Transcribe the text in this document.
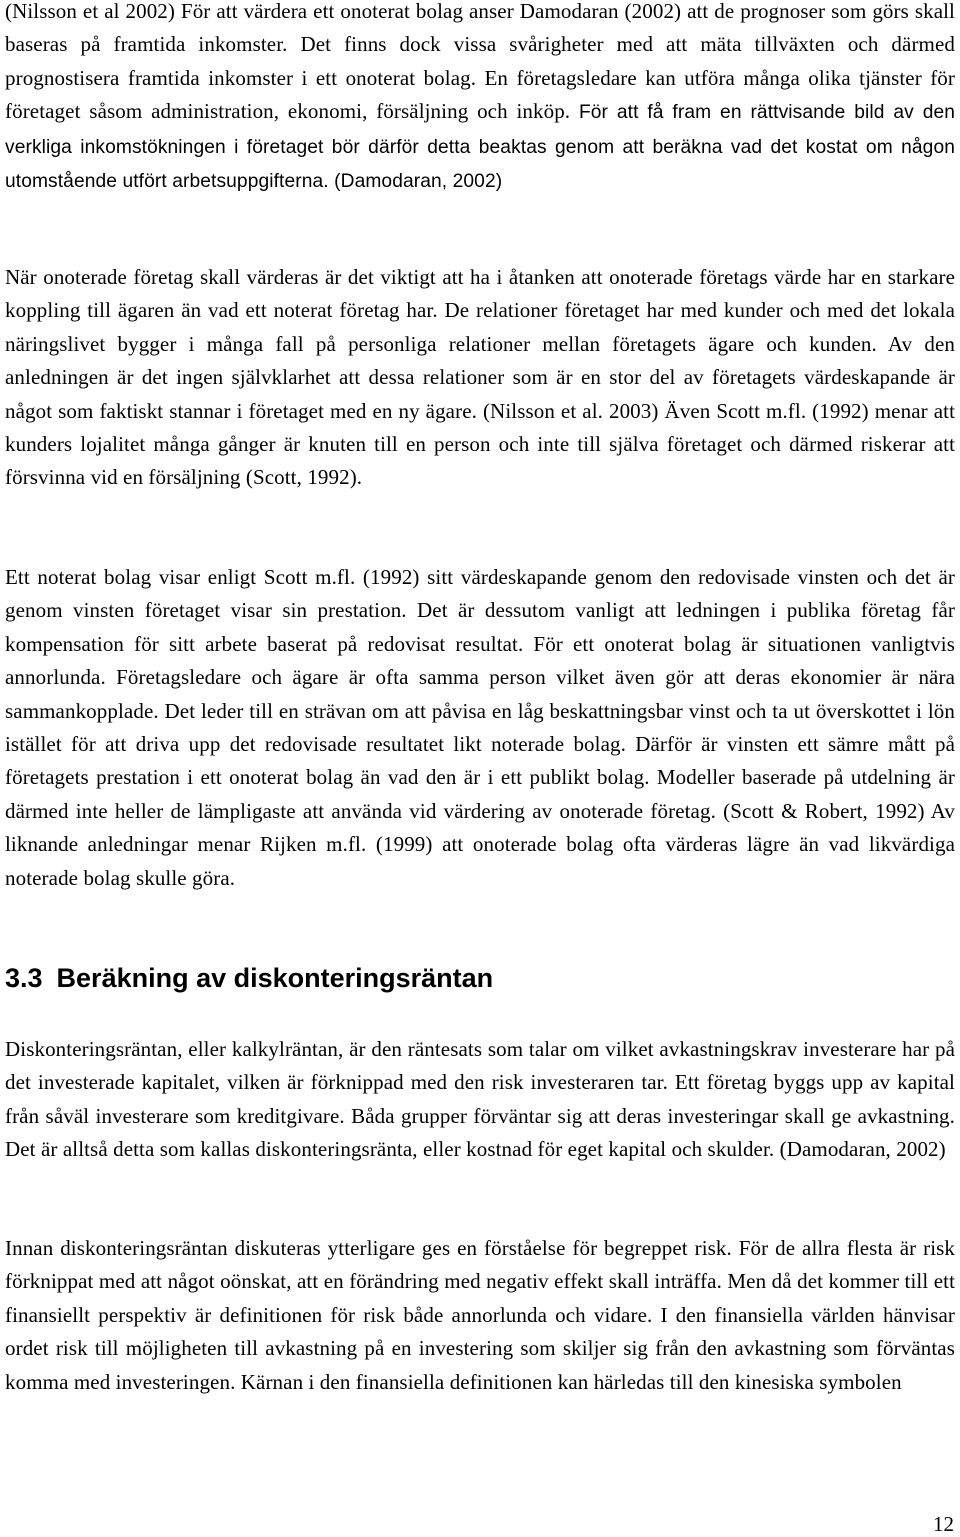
(Nilsson et al 2002) För att värdera ett onoterat bolag anser Damodaran (2002) att de prognoser som görs skall baseras på framtida inkomster. Det finns dock vissa svårigheter med att mäta tillväxten och därmed prognostisera framtida inkomster i ett onoterat bolag. En företagsledare kan utföra många olika tjänster för företaget såsom administration, ekonomi, försäljning och inköp. För att få fram en rättvisande bild av den verkliga inkomstökningen i företaget bör därför detta beaktas genom att beräkna vad det kostat om någon utomstående utfört arbetsuppgifterna. (Damodaran, 2002)

När onoterade företag skall värderas är det viktigt att ha i åtanken att onoterade företags värde har en starkare koppling till ägaren än vad ett noterat företag har. De relationer företaget har med kunder och med det lokala näringslivet bygger i många fall på personliga relationer mellan företagets ägare och kunden. Av den anledningen är det ingen självklarhet att dessa relationer som är en stor del av företagets värdeskapande är något som faktiskt stannar i företaget med en ny ägare. (Nilsson et al. 2003) Även Scott m.fl. (1992) menar att kunders lojalitet många gånger är knuten till en person och inte till själva företaget och därmed riskerar att försvinna vid en försäljning (Scott, 1992).

Ett noterat bolag visar enligt Scott m.fl. (1992) sitt värdeskapande genom den redovisade vinsten och det är genom vinsten företaget visar sin prestation. Det är dessutom vanligt att ledningen i publika företag får kompensation för sitt arbete baserat på redovisat resultat. För ett onoterat bolag är situationen vanligtvis annorlunda. Företagsledare och ägare är ofta samma person vilket även gör att deras ekonomier är nära sammankopplade. Det leder till en strävan om att påvisa en låg beskattningsbar vinst och ta ut överskottet i lön istället för att driva upp det redovisade resultatet likt noterade bolag. Därför är vinsten ett sämre mått på företagets prestation i ett onoterat bolag än vad den är i ett publikt bolag. Modeller baserade på utdelning är därmed inte heller de lämpligaste att använda vid värdering av onoterade företag. (Scott & Robert, 1992) Av liknande anledningar menar Rijken m.fl. (1999) att onoterade bolag ofta värderas lägre än vad likvärdiga noterade bolag skulle göra.

3.3 Beräkning av diskonteringsräntan

Diskonteringsräntan, eller kalkylräntan, är den räntesats som talar om vilket avkastningskrav investerare har på det investerade kapitalet, vilken är förknippad med den risk investeraren tar. Ett företag byggs upp av kapital från såväl investerare som kreditgivare. Båda grupper förväntar sig att deras investeringar skall ge avkastning. Det är alltså detta som kallas diskonteringsränta, eller kostnad för eget kapital och skulder. (Damodaran, 2002)

Innan diskonteringsräntan diskuteras ytterligare ges en förståelse för begreppet risk. För de allra flesta är risk förknippat med att något oönskat, att en förändring med negativ effekt skall inträffa. Men då det kommer till ett finansiellt perspektiv är definitionen för risk både annorlunda och vidare. I den finansiella världen hänvisar ordet risk till möjligheten till avkastning på en investering som skiljer sig från den avkastning som förväntas komma med investeringen. Kärnan i den finansiella definitionen kan härledas till den kinesiska symbolen

12
